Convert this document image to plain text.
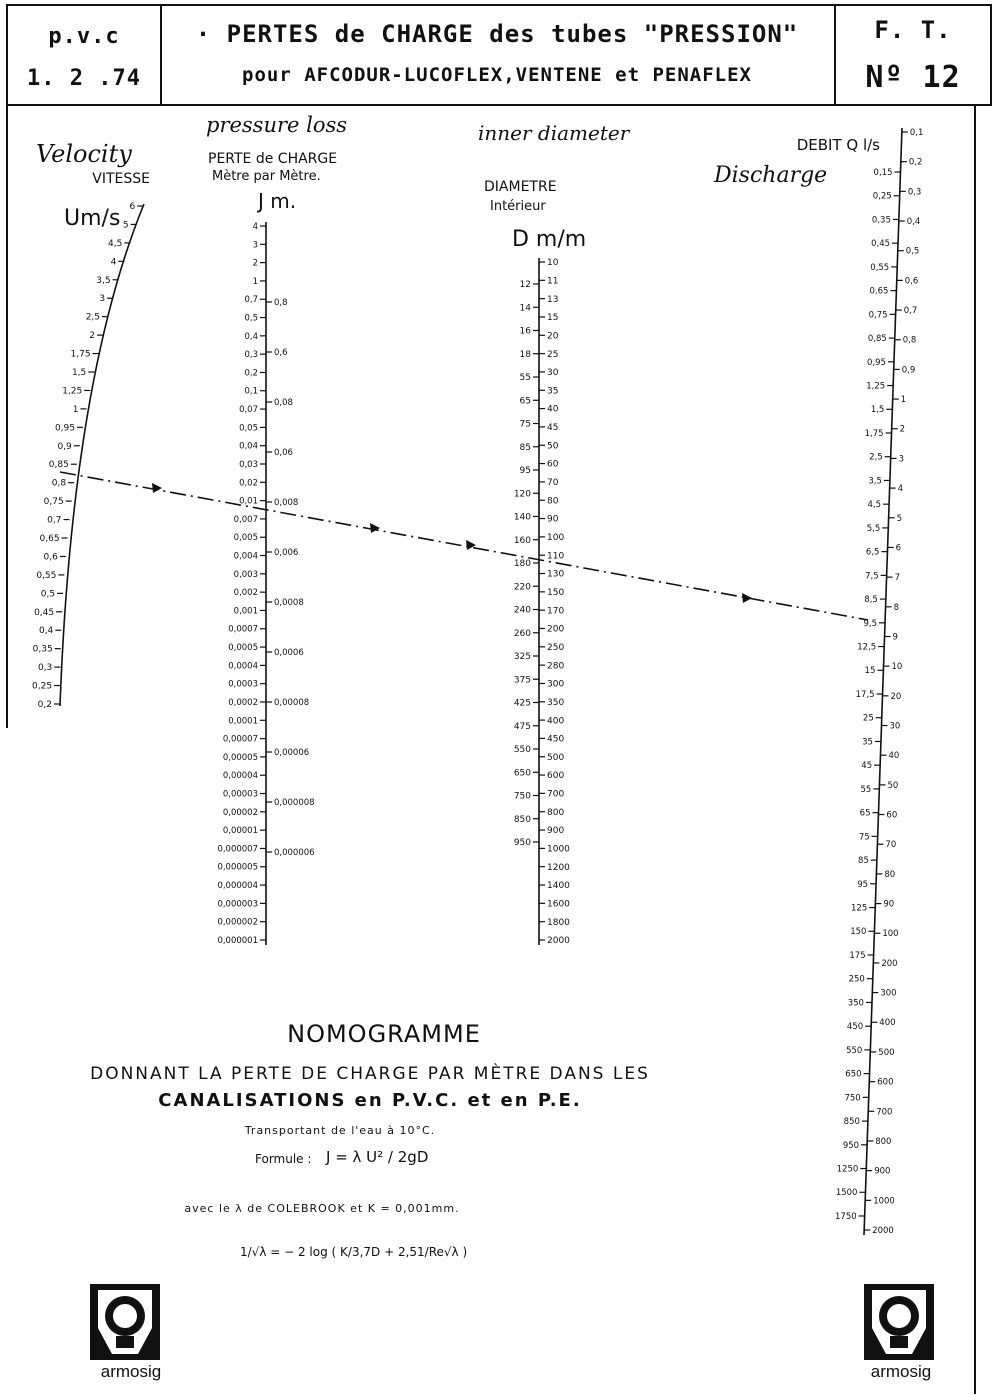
p.v.c
1. 2 .74
· PERTES de CHARGE des tubes "PRESSION"
pour AFCODUR-LUCOFLEX,VENTENE et PENAFLEX
F. T.
Nº 12
Velocity
VITESSE
Um/s
pressure loss
PERTE de CHARGE
Mètre par Mètre.
J m.
inner diameter
DIAMETRE
Intérieur
D m/m
DEBIT Q l/s
Discharge
6
5
4,5
4
3,5
3
2,5
2
1,75
1,5
1,25
1
0,95
0,9
0,85
0,8
0,75
0,7
0,65
0,6
0,55
0,5
0,45
0,4
0,35
0,3
0,25
0,2
4
3
2
1
0,7
0,5
0,4
0,3
0,2
0,1
0,07
0,05
0,04
0,03
0,02
0,01
0,007
0,005
0,004
0,003
0,002
0,001
0,0007
0,0005
0,0004
0,0003
0,0002
0,0001
0,00007
0,00005
0,00004
0,00003
0,00002
0,00001
0,000007
0,000005
0,000004
0,000003
0,000002
0,000001
0,8
0,6
0,08
0,06
0,008
0,006
0,0008
0,0006
0,00008
0,00006
0,000008
0,000006
10
11
13
15
20
25
30
35
40
45
50
60
70
80
90
100
110
130
150
170
200
250
280
300
350
400
450
500
600
700
800
900
1000
1200
1400
1600
1800
2000
12
14
16
18
55
65
75
85
95
120
140
160
180
220
240
260
325
375
425
475
550
650
750
850
950
0,1
0,2
0,3
0,4
0,5
0,6
0,7
0,8
0,9
1
2
3
4
5
6
7
8
9
10
20
30
40
50
60
70
80
90
100
200
300
400
500
600
700
800
900
1000
2000
0,15
0,25
0,35
0,45
0,55
0,65
0,75
0,85
0,95
1,25
1,5
1,75
2,5
3,5
4,5
5,5
6,5
7,5
8,5
9,5
12,5
15
17,5
25
35
45
55
65
75
85
95
125
150
175
250
350
450
550
650
750
850
950
1250
1500
1750
NOMOGRAMME
DONNANT LA PERTE DE CHARGE PAR MÈTRE DANS LES
CANALISATIONS en P.V.C. et en P.E.
Transportant de l'eau à 10°C.
Formule : J = λ U² / 2gD
avec le λ de COLEBROOK et K = 0,001mm.
1/√λ = − 2 log ( K/3,7D + 2,51/Re√λ )
armosig	armosig
